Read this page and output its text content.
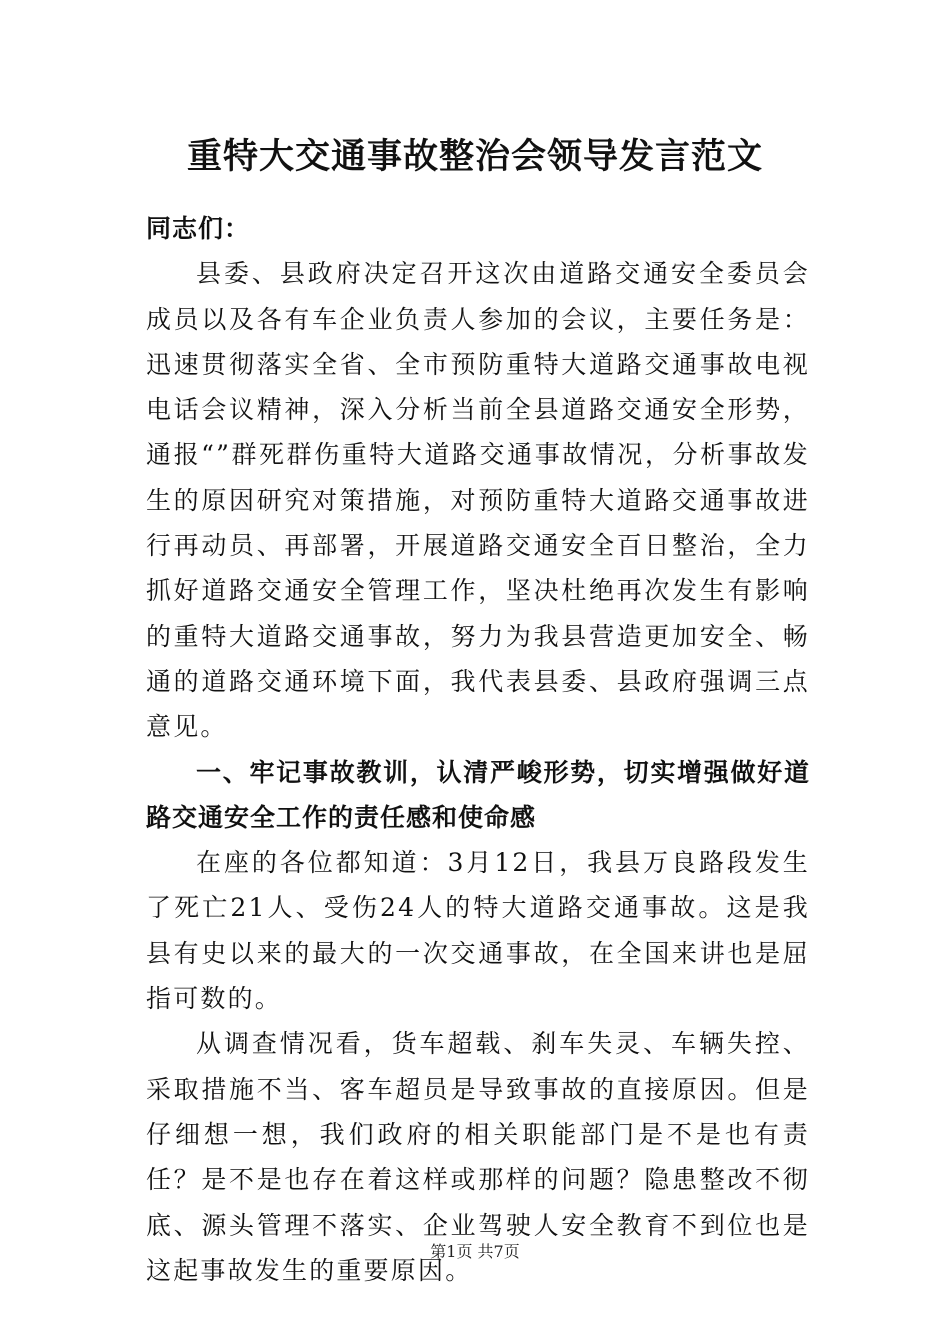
重特大交通事故整治会领导发言范文

同志们：

县委、县政府决定召开这次由道路交通安全委员会成员以及各有车企业负责人参加的会议，主要任务是：迅速贯彻落实全省、全市预防重特大道路交通事故电视电话会议精神，深入分析当前全县道路交通安全形势，通报“”群死群伤重特大道路交通事故情况，分析事故发生的原因研究对策措施，对预防重特大道路交通事故进行再动员、再部署，开展道路交通安全百日整治，全力抓好道路交通安全管理工作，坚决杜绝再次发生有影响的重特大道路交通事故，努力为我县营造更加安全、畅通的道路交通环境下面，我代表县委、县政府强调三点意见。

一、牢记事故教训，认清严峻形势，切实增强做好道路交通安全工作的责任感和使命感

在座的各位都知道：3月12日，我县万良路段发生了死亡21人、受伤24人的特大道路交通事故。这是我县有史以来的最大的一次交通事故，在全国来讲也是屈指可数的。

从调查情况看，货车超载、刹车失灵、车辆失控、采取措施不当、客车超员是导致事故的直接原因。但是仔细想一想，我们政府的相关职能部门是不是也有责任？是不是也存在着这样或那样的问题？隐患整改不彻底、源头管理不落实、企业驾驶人安全教育不到位也是这起事故发生的重要原因。

第1页 共7页
